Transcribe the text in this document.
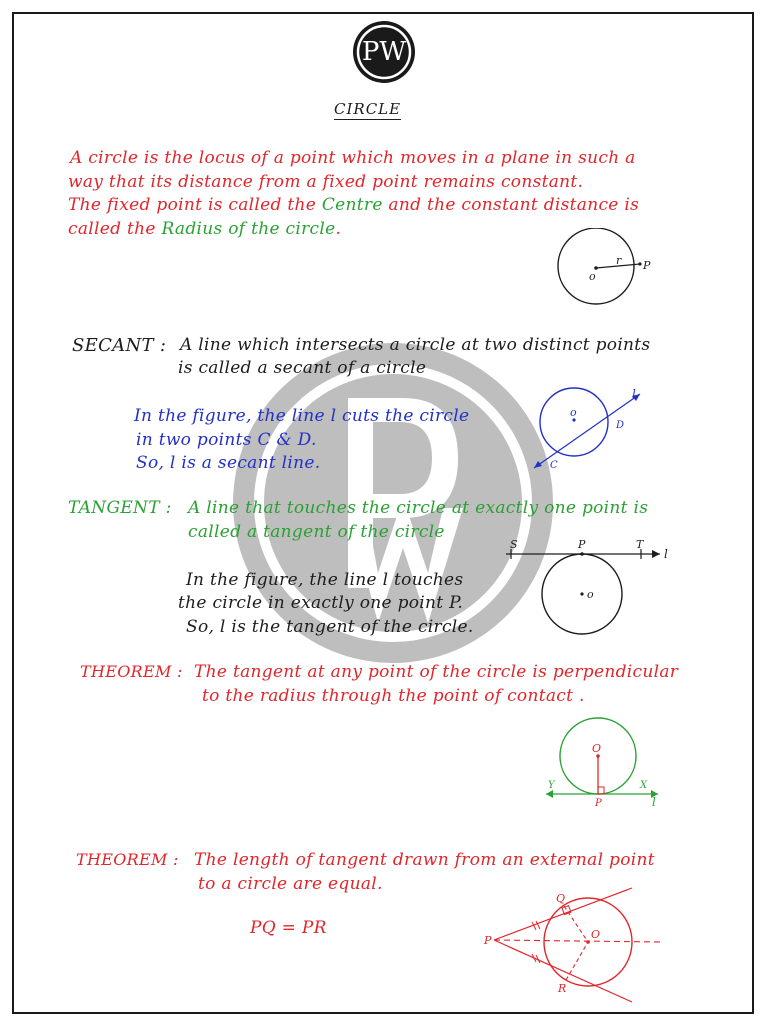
PW
CIRCLE
A circle is the locus of a point which moves in a plane in such a
way that its distance from a fixed point remains constant.
The fixed point is called the Centre and the constant distance is
called the Radius of the circle.
o
r P
SECANT : A line which intersects a circle at two distinct points
is called a secant of a circle
In the figure, the line l cuts the circle
in two points C & D.
So, l is a secant line.
o
l
D
C
TANGENT : A line that touches the circle at exactly one point is
called a tangent of the circle
In the figure, the line l touches
the circle in exactly one point P.
So, l is the tangent of the circle.
S	P	T
l
o
THEOREM : The tangent at any point of the circle is perpendicular
to the radius through the point of contact .
O
Y	X
P	l
THEOREM : The length of tangent drawn from an external point
to a circle are equal.
PQ = PR
P
Q
O
R
